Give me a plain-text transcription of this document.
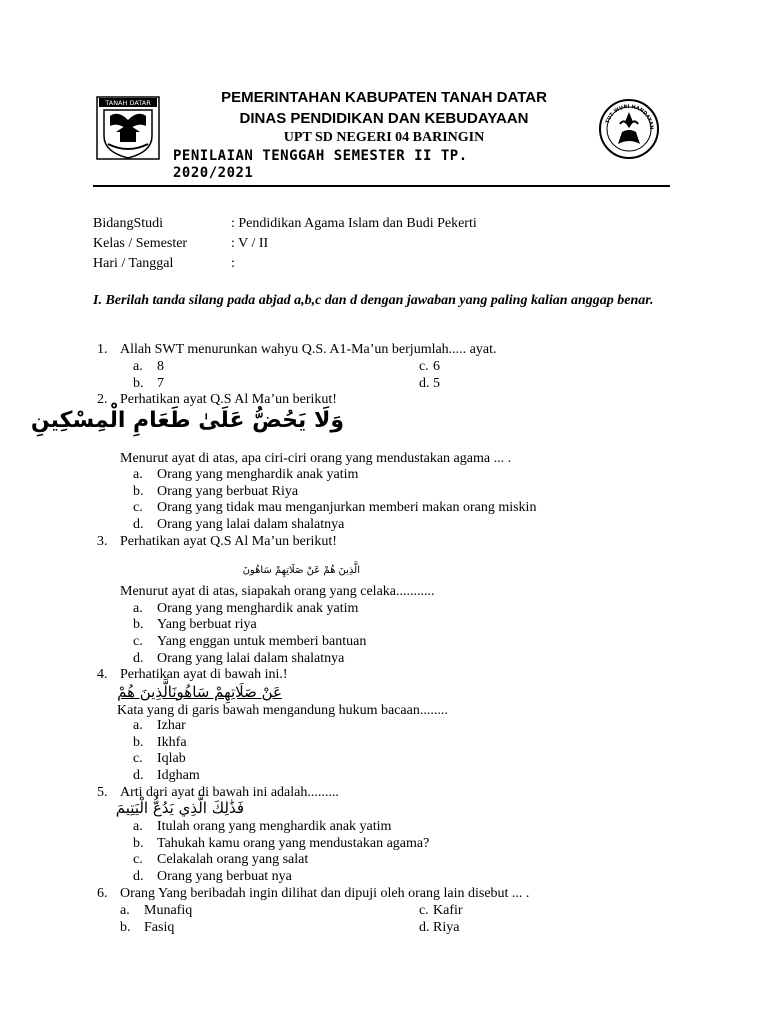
TANAH DATAR	PEMERINTAHAN KABUPATEN TANAH DATAR
DINAS PENDIDIKAN DAN KEBUDAYAAN
UPT SD NEGERI 04 BARINGIN
PENILAIAN TENGGAH SEMESTER II TP. 2020/2021
TUT WURI HANDAYAN
BidangStudi	: Pendidikan Agama Islam dan Budi Pekerti
Kelas / Semester	: V / II
Hari / Tanggal	:
I. Berilah tanda silang pada abjad a,b,c dan d dengan jawaban yang paling kalian anggap benar.
1. Allah SWT menurunkan wahyu Q.S. A1-Ma’un berjumlah..... ayat.
a. 8	c. 6
b. 7	d. 5
2. Perhatikan ayat Q.S Al Ma’un berikut!
وَلَا يَحُضُّ عَلَىٰ طَعَامِ الْمِسْكِينِ
Menurut ayat di atas, apa ciri-ciri orang yang mendustakan agama ... .
a. Orang yang menghardik anak yatim
b. Orang yang berbuat Riya
c. Orang yang tidak mau menganjurkan memberi makan orang miskin
d. Orang yang lalai dalam shalatnya
3. Perhatikan ayat Q.S Al Ma’un berikut!
الَّذِينَ هُمْ عَنْ صَلَاتِهِمْ سَاهُونَ
Menurut ayat di atas, siapakah orang yang celaka...........
a. Orang yang menghardik anak yatim
b. Yang berbuat riya
c. Yang enggan untuk memberi bantuan
d. Orang yang lalai dalam shalatnya
4. Perhatikan ayat di bawah ini.!
عَنْ صَلَاتِهِمْ سَاهُونَالَّذِينَ هُمْ
Kata yang di garis bawah mengandung hukum bacaan........
a. Izhar
b. Ikhfa
c. Iqlab
d. Idgham
5. Arti dari ayat di bawah ini adalah.........
فَذَٰلِكَ الَّذِي يَدُعُّ الْيَتِيمَ
a. Itulah orang yang menghardik anak yatim
b. Tahukah kamu orang yang mendustakan agama?
c. Celakalah orang yang salat
d. Orang yang berbuat nya
6. Orang Yang beribadah ingin dilihat dan dipuji oleh orang lain disebut ... .
a. Munafiq	c. Kafir
b. Fasiq	d. Riya
